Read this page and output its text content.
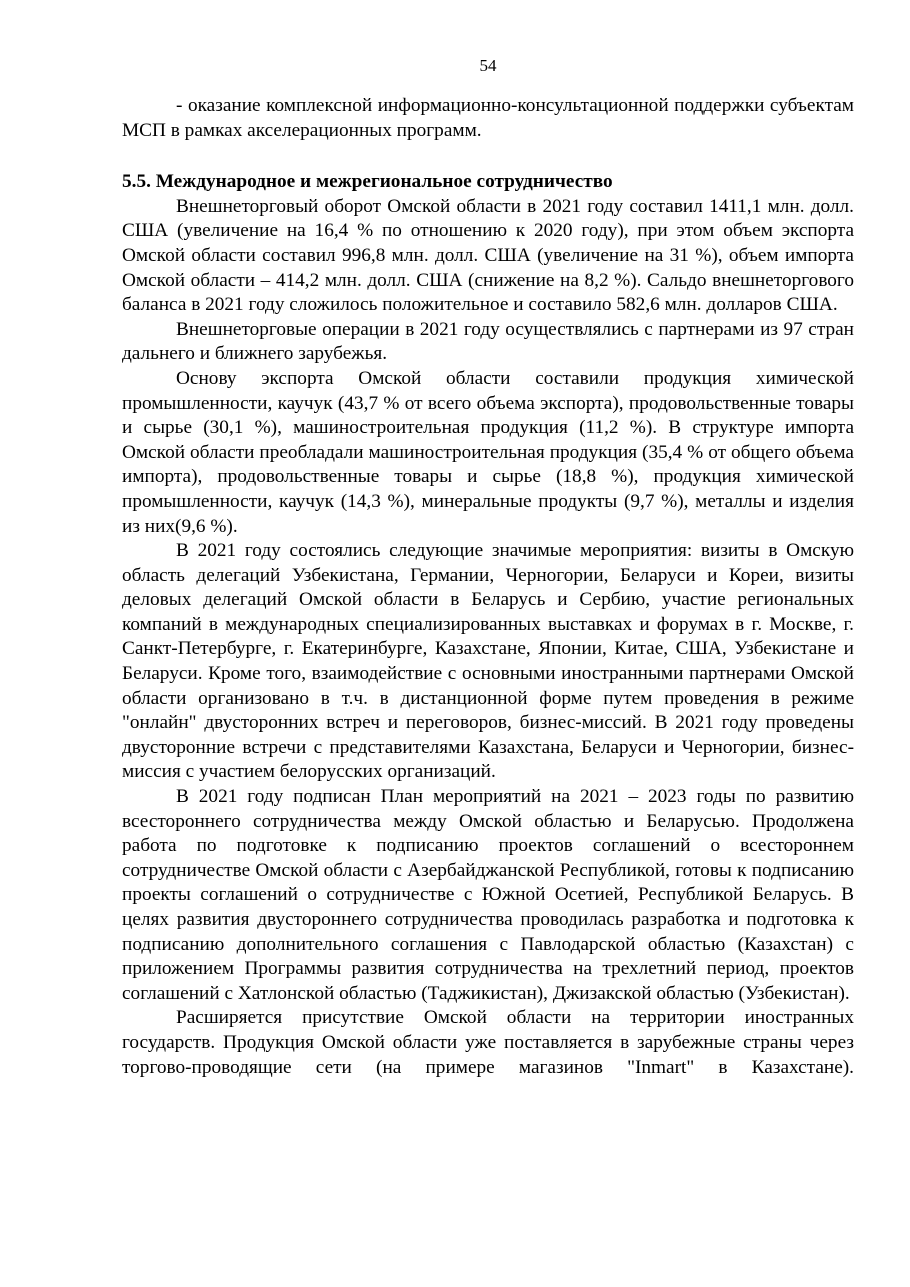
54

- оказание комплексной информационно-консультационной поддержки субъектам МСП в рамках акселерационных программ.

5.5. Международное и межрегиональное сотрудничество

Внешнеторговый оборот Омской области в 2021 году составил 1411,1 млн. долл. США (увеличение на 16,4 % по отношению к 2020 году), при этом объем экспорта Омской области составил 996,8 млн. долл. США (увеличение на 31 %), объем импорта Омской области – 414,2 млн. долл. США (снижение на 8,2 %). Сальдо внешнеторгового баланса в 2021 году сложилось положительное и составило 582,6 млн. долларов США.

Внешнеторговые операции в 2021 году осуществлялись с партнерами из 97 стран дальнего и ближнего зарубежья.

Основу экспорта Омской области составили продукция химической промышленности, каучук (43,7 % от всего объема экспорта), продовольственные товары и сырье (30,1 %), машиностроительная продукция (11,2 %). В структуре импорта Омской области преобладали машиностроительная продукция (35,4 % от общего объема импорта), продовольственные товары и сырье (18,8 %), продукция химической промышленности, каучук (14,3 %), минеральные продукты (9,7 %), металлы и изделия из них(9,6 %).

В 2021 году состоялись следующие значимые мероприятия: визиты в Омскую область делегаций Узбекистана, Германии, Черногории, Беларуси и Кореи, визиты деловых делегаций Омской области в Беларусь и Сербию, участие региональных компаний в международных специализированных выставках и форумах в г. Москве, г. Санкт-Петербурге, г. Екатеринбурге, Казахстане, Японии, Китае, США, Узбекистане и Беларуси. Кроме того, взаимодействие с основными иностранными партнерами Омской области организовано в т.ч. в дистанционной форме путем проведения в режиме "онлайн" двусторонних встреч и переговоров, бизнес-миссий. В 2021 году проведены двусторонние встречи с представителями Казахстана, Беларуси и Черногории, бизнес-миссия с участием белорусских организаций.

В 2021 году подписан План мероприятий на 2021 – 2023 годы по развитию всестороннего сотрудничества между Омской областью и Беларусью. Продолжена работа по подготовке к подписанию проектов соглашений о всестороннем сотрудничестве Омской области с Азербайджанской Республикой, готовы к подписанию проекты соглашений о сотрудничестве с Южной Осетией, Республикой Беларусь. В целях развития двустороннего сотрудничества проводилась разработка и подготовка к подписанию дополнительного соглашения с Павлодарской областью (Казахстан) с приложением Программы развития сотрудничества на трехлетний период, проектов соглашений с Хатлонской областью (Таджикистан), Джизакской областью (Узбекистан).

Расширяется присутствие Омской области на территории иностранных государств. Продукция Омской области уже поставляется в зарубежные страны через торгово-проводящие сети (на примере магазинов "Inmart" в Казахстане).
